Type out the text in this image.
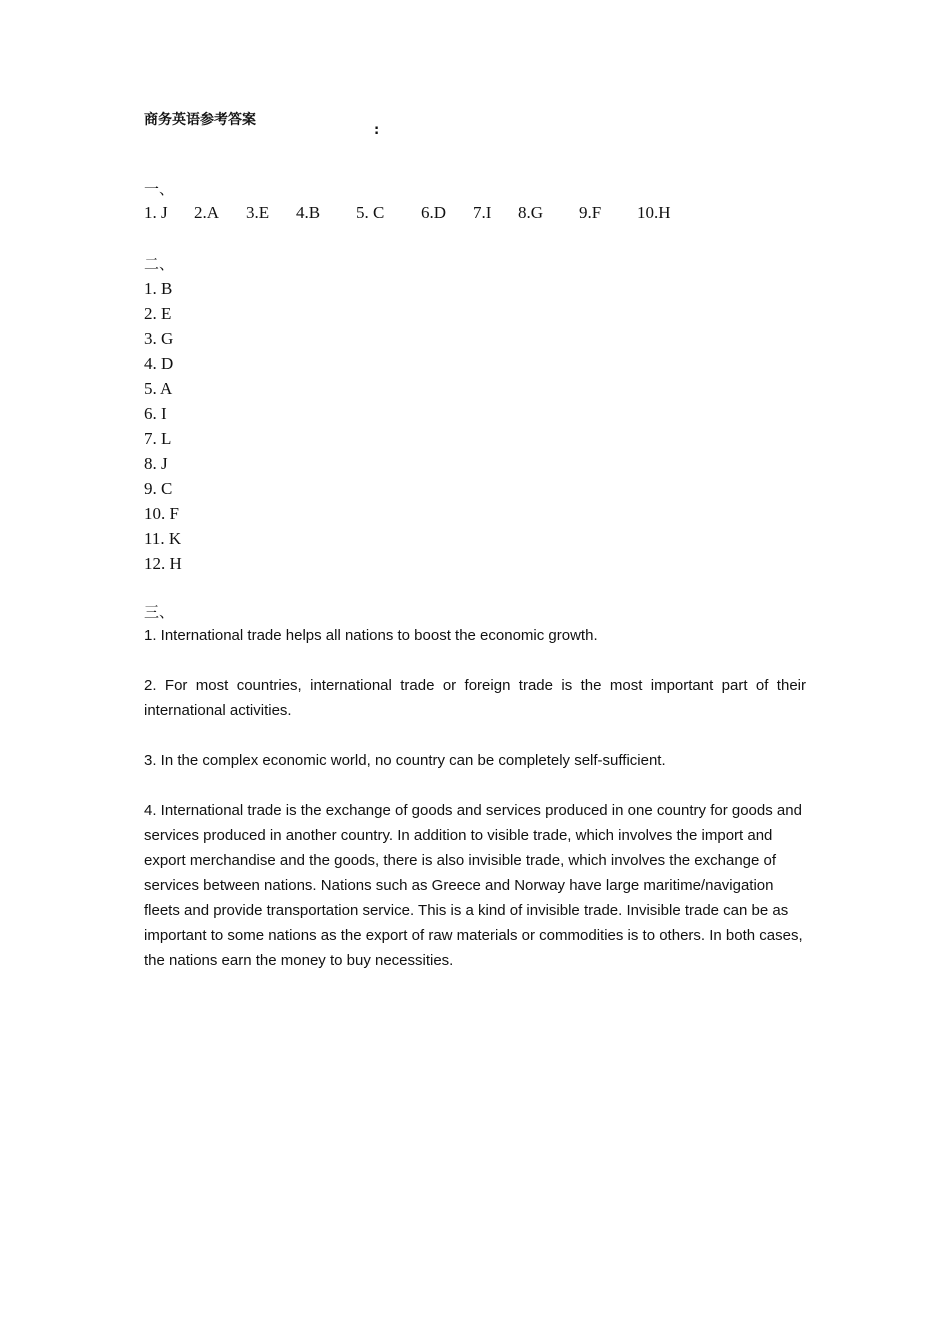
商务英语参考答案
:
一、
1. J 2.A 3.E 4.B 5. C 6.D 7.I 8.G 9.F 10.H
二、
1. B
2. E
3. G
4. D
5. A
6. I
7. L
8. J
9. C
10. F
11. K
12. H
三、

1. International trade helps all nations to boost the economic growth.

2. For most countries, international trade or foreign trade is the most important part of their international activities.

3. In the complex economic world, no country can be completely self-sufficient.

4. International trade is the exchange of goods and services produced in one country for goods and services produced in another country. In addition to visible trade, which involves the import and export merchandise and the goods, there is also invisible trade, which involves the exchange of services between nations. Nations such as Greece and Norway have large maritime/navigation fleets and provide transportation service. This is a kind of invisible trade. Invisible trade can be as important to some nations as the export of raw materials or commodities is to others. In both cases, the nations earn the money to buy necessities.
